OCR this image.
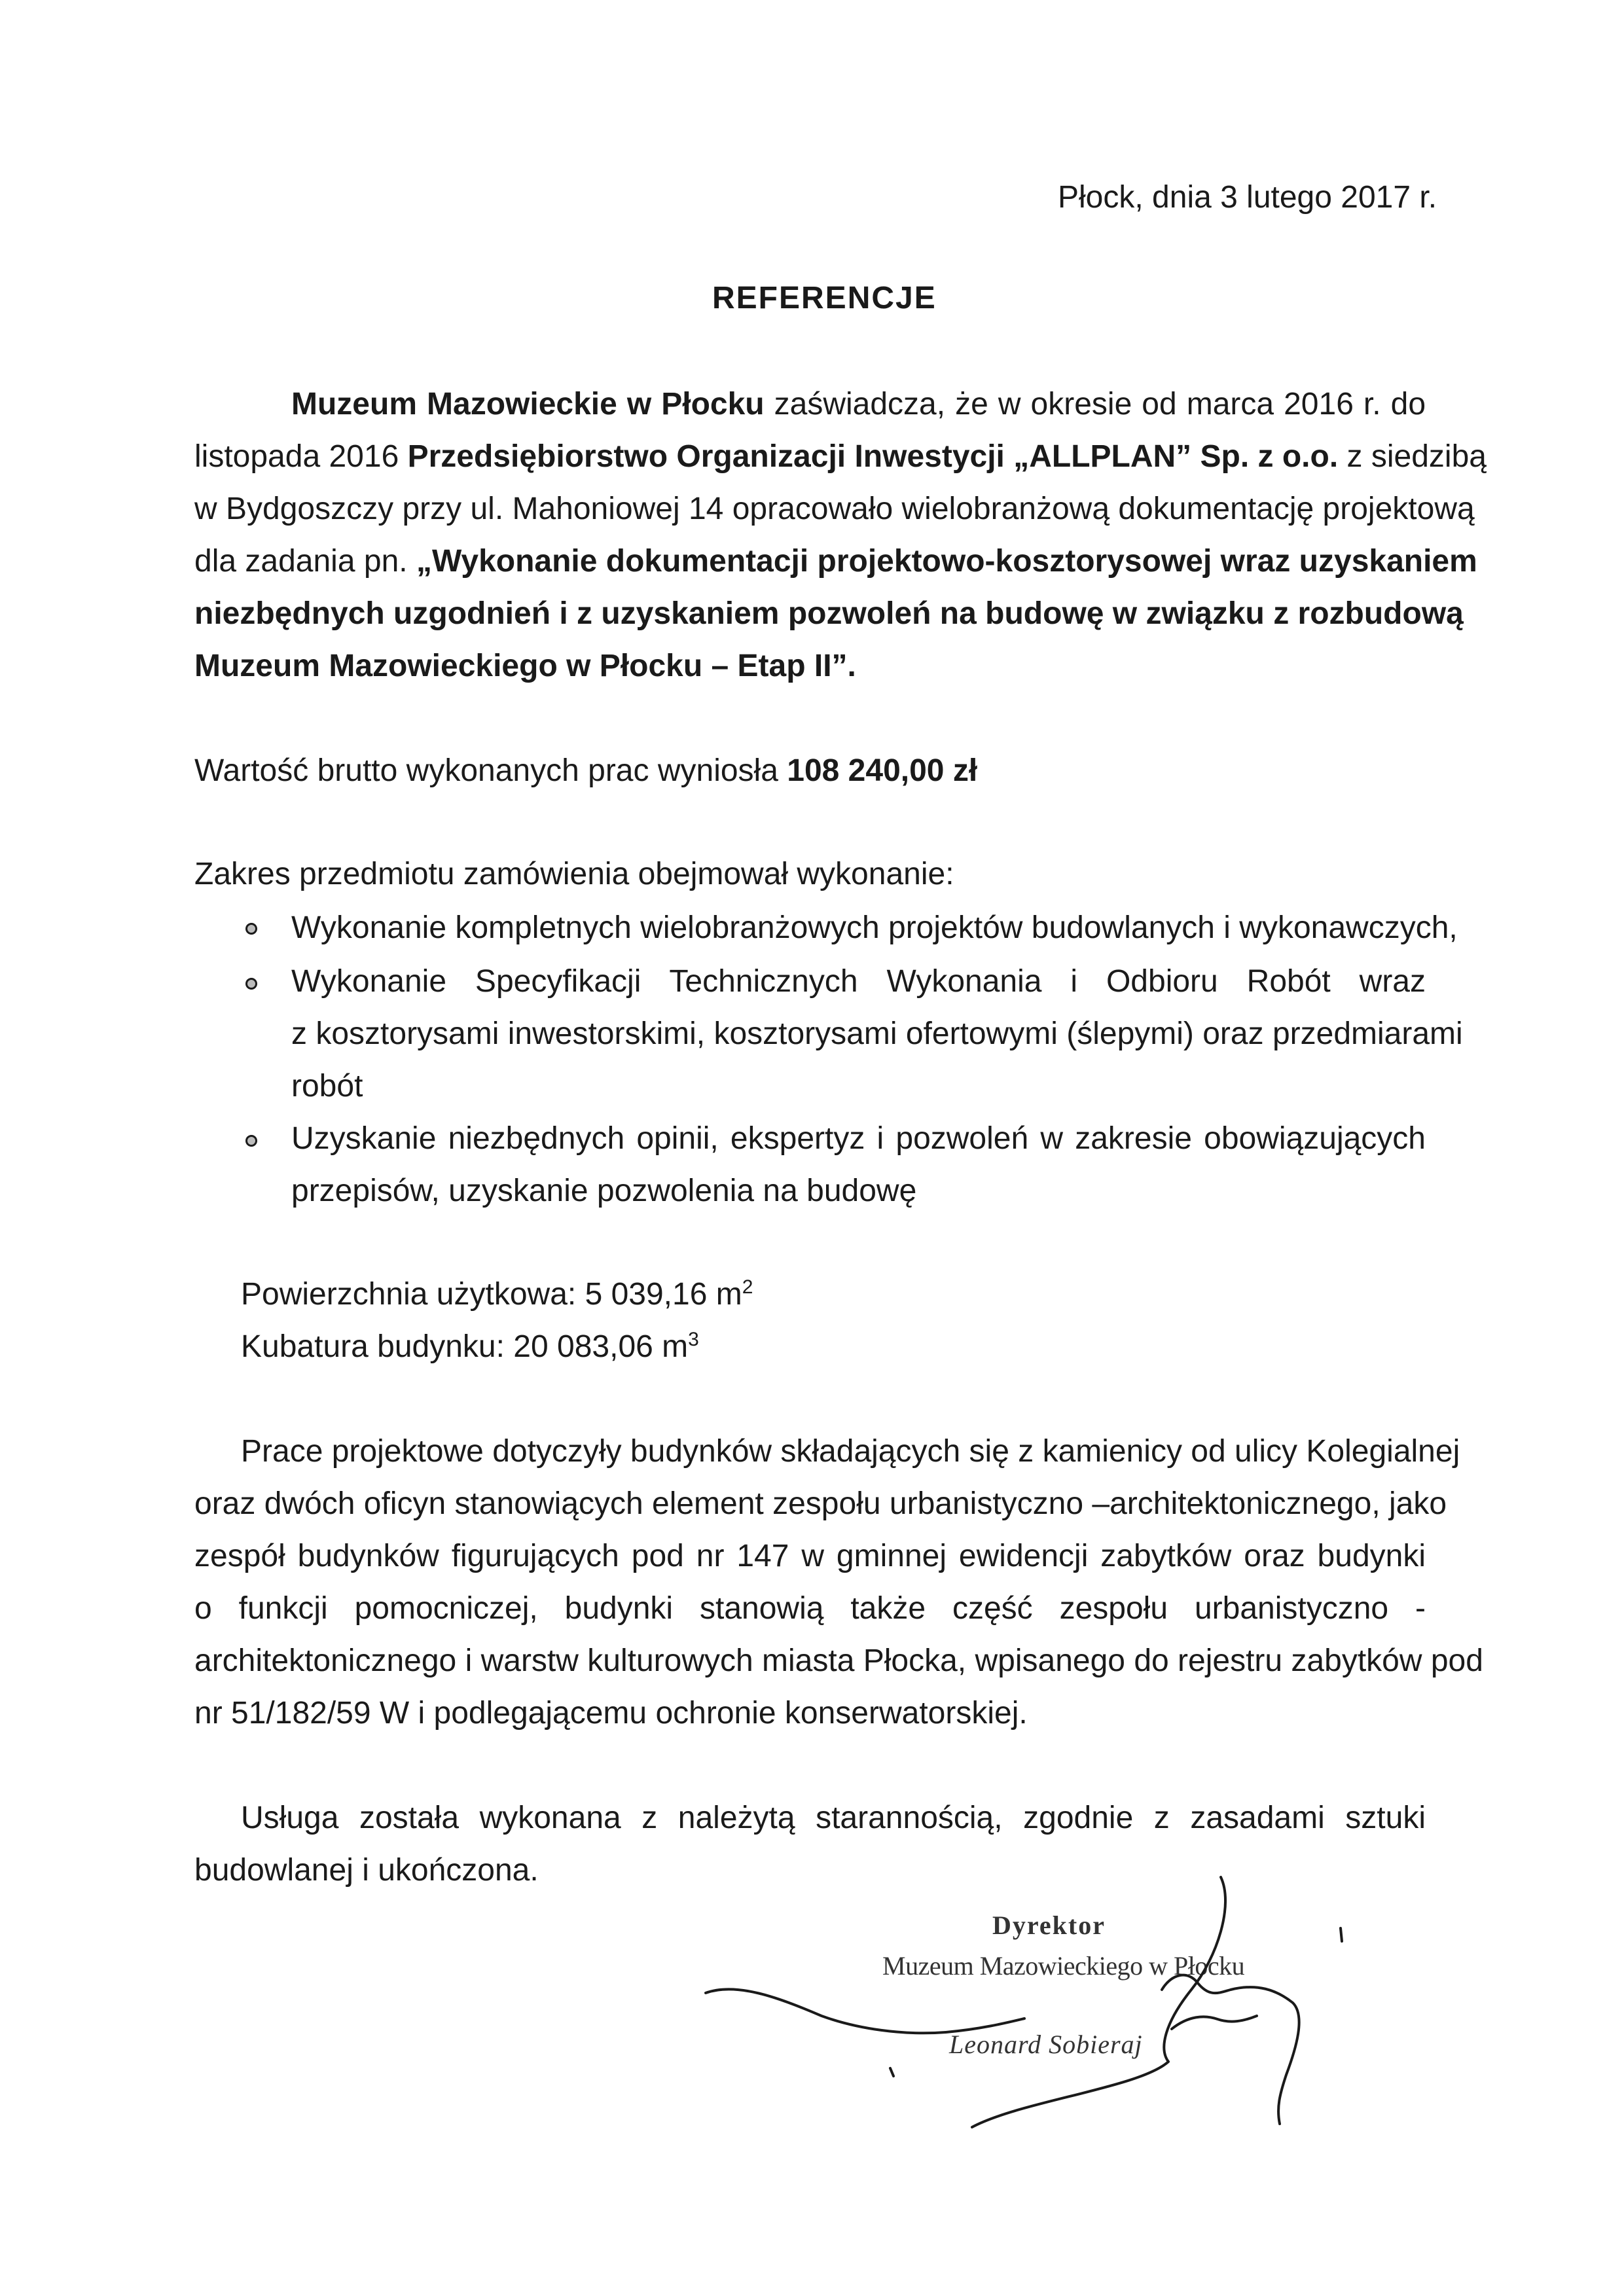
Płock, dnia 3 lutego 2017 r.
REFERENCJE
Muzeum Mazowieckie w Płocku zaświadcza, że w okresie od marca 2016 r. do
listopada 2016 Przedsiębiorstwo Organizacji Inwestycji „ALLPLAN” Sp. z o.o. z siedzibą
w Bydgoszczy przy ul. Mahoniowej 14 opracowało wielobranżową dokumentację projektową
dla zadania pn. „Wykonanie dokumentacji projektowo-kosztorysowej wraz uzyskaniem
niezbędnych uzgodnień i z uzyskaniem pozwoleń na budowę w związku z rozbudową
Muzeum Mazowieckiego w Płocku – Etap II”.
Wartość brutto wykonanych prac wyniosła 108 240,00 zł
Zakres przedmiotu zamówienia obejmował wykonanie:
Wykonanie kompletnych wielobranżowych projektów budowlanych i wykonawczych,
Wykonanie Specyfikacji Technicznych Wykonania i Odbioru Robót wraz
z kosztorysami inwestorskimi, kosztorysami ofertowymi (ślepymi) oraz przedmiarami
robót
Uzyskanie niezbędnych opinii, ekspertyz i pozwoleń w zakresie obowiązujących
przepisów, uzyskanie pozwolenia na budowę
Powierzchnia użytkowa: 5 039,16 $m^2$
Kubatura budynku: 20 083,06 $m^3$
Prace projektowe dotyczyły budynków składających się z kamienicy od ulicy Kolegialnej
oraz dwóch oficyn stanowiących element zespołu urbanistyczno –architektonicznego, jako
zespół budynków figurujących pod nr 147 w gminnej ewidencji zabytków oraz budynki
o funkcji pomocniczej, budynki stanowią także część zespołu urbanistyczno -
architektonicznego i warstw kulturowych miasta Płocka, wpisanego do rejestru zabytków pod
nr 51/182/59 W i podlegającemu ochronie konserwatorskiej.
Usługa została wykonana z należytą starannością, zgodnie z zasadami sztuki
budowlanej i ukończona.
Dyrektor
Muzeum Mazowieckiego w Płocku
Leonard Sobieraj
